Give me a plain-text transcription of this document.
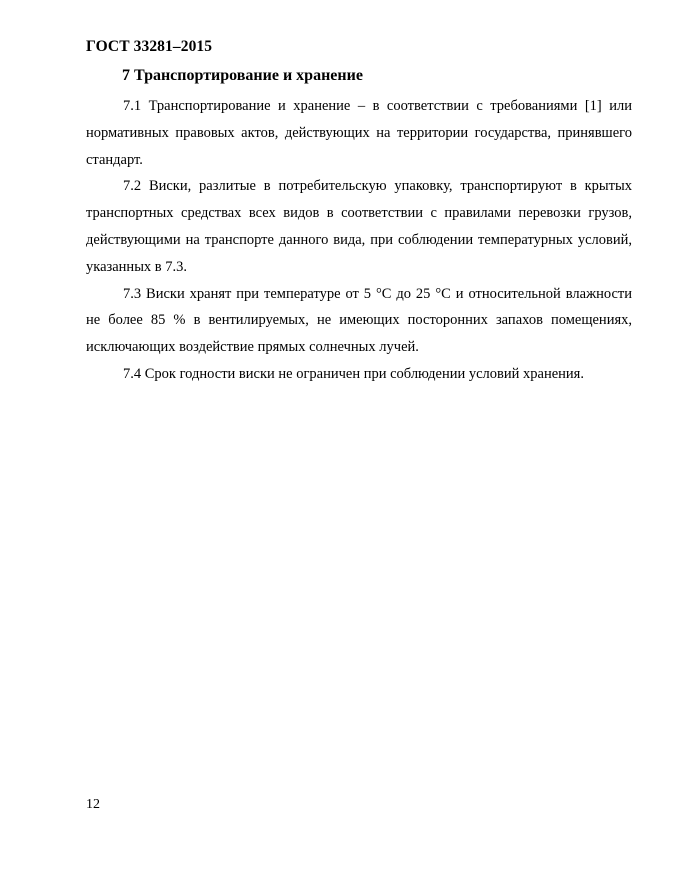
ГОСТ 33281–2015
7 Транспортирование и хранение

7.1 Транспортирование и хранение – в соответствии с требованиями [1] или нормативных правовых актов, действующих на территории государства, принявшего стандарт.

7.2 Виски, разлитые в потребительскую упаковку, транспортируют в крытых транспортных средствах всех видов в соответствии с правилами перевозки грузов, действующими на транспорте данного вида, при соблюдении температурных условий, указанных в 7.3.

7.3 Виски хранят при температуре от 5 °С до 25 °С и относительной влажности не более 85 % в вентилируемых, не имеющих посторонних запахов помещениях, исключающих воздействие прямых солнечных лучей.

7.4 Срок годности виски не ограничен при соблюдении условий хранения.

12
